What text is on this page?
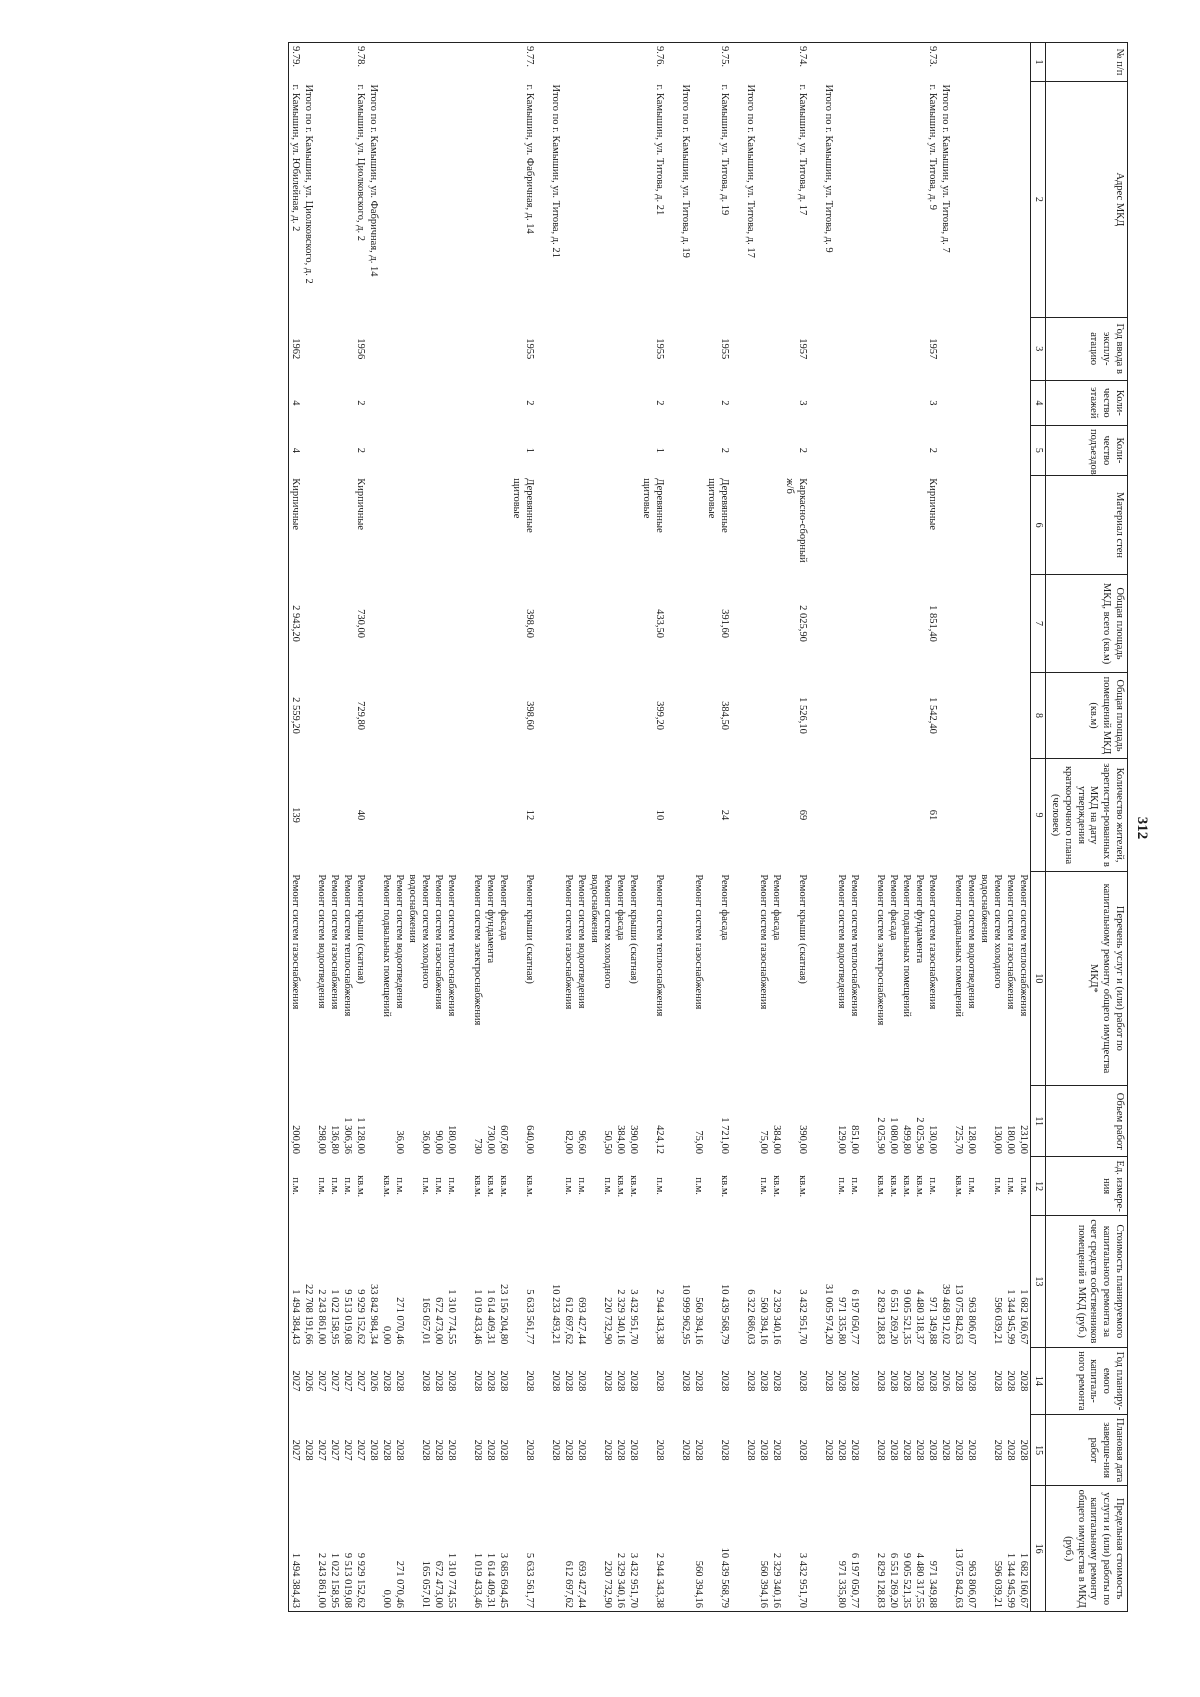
312
№ п/п	Адрес МКД	Год ввода в эксплу-атацию	Коли-чество этажей	Коли-чество подъездов	Материал стен	Общая площадь МКД, всего (кв.м)	Общая площадь помещений МКД (кв.м)	Количество жителей, зарегистри-рованных в МКД на дату утверждения краткосрочного плана (человек)	Перечень услуг и (или) работ по капитальному ремонту общего имущества МКД*	Объем работ	Ед. измере-ния	Стоимость планируемого капитального ремонта за счет средств собственников помещений в МКД (руб.)	Год планиру-емого капиталь-ного ремонта	Плановая дата заверше-ния работ	Предельная стоимость услуги и (или) работы по капитальному ремонту общего имущества в МКД (руб.)
1	2	3	4	5	6	7	8	9	10	11	12	13	14	15	16
									Ремонт систем теплоснабжения	231,00	п.м.	1 682 160,67	2028	2028	1 682 160,67
									Ремонт систем газоснабжения	180,00	п.м.	1 344 945,99	2028	2028	1 344 945,99
									Ремонт систем холодного	130,00	п.м.	596 039,21	2028	2028	596 039,21
									водоснабжения						
									Ремонт систем водоотведения	128,00	п.м.	963 806,07	2028	2028	963 806,07
									Ремонт подвальных помещений	725,70	кв.м.	13 075 842,63	2028	2028	13 075 842,63
	Итого по г. Камышин, ул. Титова, д. 7											39 468 912,02	2026	2028	
9.73.	г. Камышин, ул. Титова, д. 9	1957	3	2	Кирпичные	1 851,40	1 542,40	61	Ремонт систем газоснабжения	130,00	п.м.	971 349,88	2028	2028	971 349,88
									Ремонт фундамента	2 025,90	кв.м.	4 480 318,37	2028	2028	4 480 317,55
									Ремонт подвальных помещений	499,80	кв.м.	9 005 521,35	2028	2028	9 005 521,35
									Ремонт фасада	1 080,00	кв.м.	6 551 269,20	2028	2028	6 551 269,20
									Ремонт систем электроснабжения	2 025,90	кв.м.	2 829 128,83	2028	2028	2 829 128,83

									Ремонт систем теплоснабжения	851,00	п.м.	6 197 050,77	2028	2028	6 197 050,77
									Ремонт систем водоотведения	129,00	п.м.	971 335,80	2028	2028	971 335,80
	Итого по г. Камышин, ул. Титова, д. 9											31 005 974,20	2028	2028	

9.74.	г. Камышин, ул. Титова, д. 17	1957	3	2	Каркасно-сборный ж/б	2 025,90	1 526,10	69	Ремонт крыши (скатная)	390,00	кв.м.	3 432 951,70	2028	2028	3 432 951,70
									Ремонт фасада	384,00	кв.м.	2 329 340,16	2028	2028	2 329 340,16
									Ремонт систем газоснабжения	75,00	п.м.	560 394,16	2028	2028	560 394,16
	Итого по г. Камышин, ул. Титова, д. 17											6 322 686,03	2028	2028	

9.75.	г. Камышин, ул. Титова, д. 19	1955	2	2	Деревянные щитовые	391,60	384,50	24	Ремонт фасада	1 721,00	кв.м.	10 439 568,79	2028	2028	10 439 568,79
									Ремонт систем газоснабжения	75,00	п.м.	560 394,16	2028	2028	560 394,16
	Итого по г. Камышин, ул. Титова, д. 19											10 999 962,95	2028	2028	

9.76.	г. Камышин, ул. Титова, д. 21	1955	2	1	Деревянные щитовые	433,50	399,20	10	Ремонт систем теплоснабжения	424,12	п.м.	2 944 343,38	2028	2028	2 944 343,38
									Ремонт крыши (скатная)	390,00	кв.м.	3 432 951,70	2028	2028	3 432 951,70
									Ремонт фасада	384,00	кв.м.	2 329 340,16	2028	2028	2 329 340,16
									Ремонт систем холодного	50,50	п.м.	220 732,90	2028	2028	220 732,90
									водоснабжения						
									Ремонт систем водоотведения	96,60	п.м.	693 427,44	2028	2028	693 427,44
									Ремонт систем газоснабжения	82,00	п.м.	612 697,62	2028	2028	612 697,62
	Итого по г. Камышин, ул. Титова, д. 21											10 233 493,21	2028	2028	

9.77.	г. Камышин, ул. Фабричная, д. 14	1955	2	1	Деревянные щитовые	398,60	398,60	12	Ремонт крыши (скатная)	640,00	кв.м.	5 633 561,77	2028	2028	5 633 561,77
									Ремонт фасада	607,60	кв.м.	23 156 204,80	2028	2028	3 685 694,45
									Ремонт фундамента	730,00	кв.м.	1 614 409,31	2028	2028	1 614 409,31
									Ремонт систем электроснабжения	730	кв.м.	1 019 433,46	2028	2028	1 019 433,46

									Ремонт систем теплоснабжения	180,00	п.м.	1 310 774,55	2028	2028	1 310 774,55
									Ремонт систем газоснабжения	90,00	п.м.	672 473,00	2028	2028	672 473,00
									Ремонт систем холодного	36,00	п.м.	165 057,01	2028	2028	165 057,01
									водоснабжения						
									Ремонт систем водоотведения	36,00	п.м.	271 070,46	2028	2028	271 070,46
									Ремонт подвальных помещений		кв.м.	0,00	2028	2028	0,00
	Итого по г. Камышин, ул. Фабричная, д. 14											33 842 984,34	2026	2028	
9.78.	г. Камышин, ул. Циолковского, д. 2	1956	2	2	Кирпичные	730,00	729,80	40	Ремонт крыши (скатная)	1 128,00	кв.м.	9 929 152,62	2027	2027	9 929 152,62
									Ремонт систем теплоснабжения	1 306,36	п.м.	9 513 019,08	2027	2027	9 513 019,08
									Ремонт систем газоснабжения	136,80	п.м.	1 022 158,95	2027	2027	1 022 158,95
									Ремонт систем водоотведения	298,00	п.м.	2 243 861,00	2027	2027	2 243 861,00
	Итого по г. Камышин, ул. Циолковского, д. 2											22 708 191,66	2026	2028	
9.79.	г. Камышин, ул. Юбилейная, д. 2	1962	4	4	Кирпичные	2 943,20	2 559,20	139	Ремонт систем газоснабжения	200,00	п.м.	1 494 384,43	2027	2027	1 494 384,43
